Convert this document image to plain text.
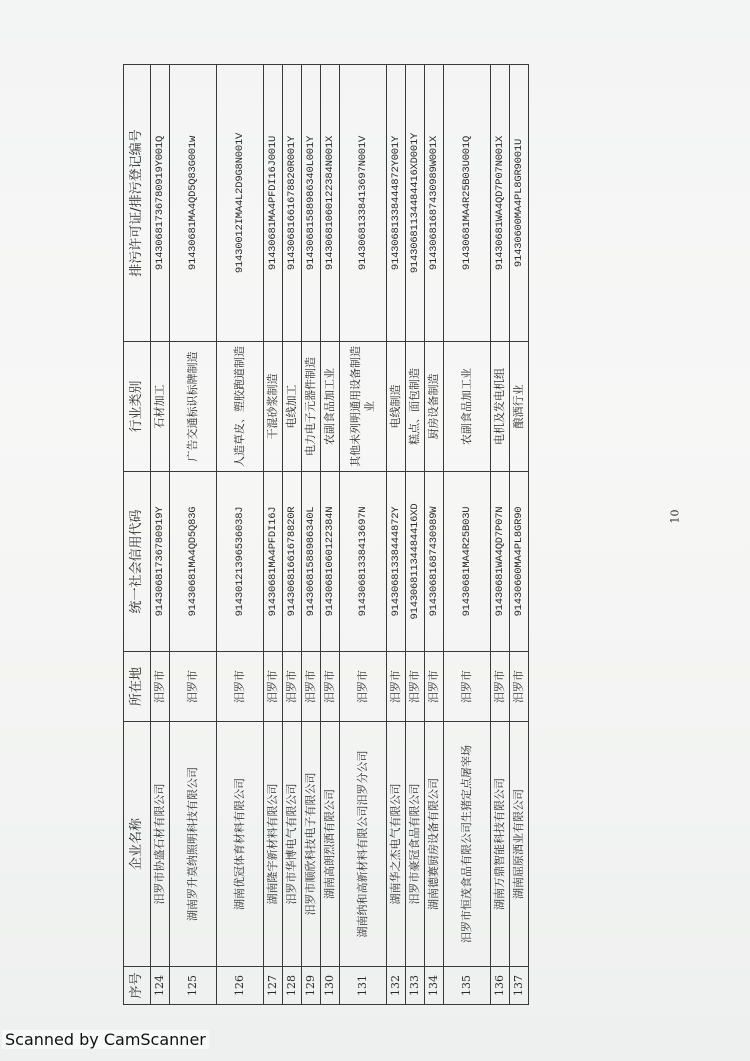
序号	企业名称	所在地	统一社会信用代码	行业类别	排污许可证/排污登记编号
124	汨罗市协盛石材有限公司	汨罗市	91430681736780919Y	石材加工	91430681736780919Y001Q
125	湖南罗升莫纳照明科技有限公司	汨罗市	91430681MA4QD5Q83G	广告交通标识标牌制造	91430681MA4QD5Q83G001w
126	湖南优冠体育材料有限公司	汨罗市	91430121396536038J	人造草皮、塑胶跑道制造	91430012IMA4L2D9G8N001V
127	湖南隆宇新材料有限公司	汨罗市	91430681MA4PFDI16J	干混砂浆制造	91430681MA4PFDI16J001U
128	汨罗市华博电气有限公司	汨罗市	91430681661678820R	电线加工	91430681661678820R001Y
129	汨罗市顺欣科技电子有限公司	汨罗市	91430681588986340L	电力电子元器件制造	91430681588986340L001Y
130	湖南高朗烈酒有限公司	汨罗市	91430681060122384N	农副食品加工业	91430681060122384N001X
131	湖南纳和高新材料有限公司汨罗分公司	汨罗市	91430681338413697N	其他未列明通用设备制造业	91430681338413697N001V
132	湖南华之杰电气有限公司	汨罗市	914306813384448​72Y	电线制造	91430681338444872Y001Y
133	汨罗市豪冠食品有限公司	汨罗市	91430681134484416XD	糕点、面包制造	91430681134484416XD001Y
134	湖南德赛厨房设备有限公司	汨罗市	91430681687430989W	厨房设备制造	91430681687430989W001X
135	汨罗市恒茂食品有限公司生猪定点屠宰场	汨罗市	91430681MA4R25B03U	农副食品加工业	91430681MA4R25B03U001Q
136	湖南万鼎智能科技有限公司	汨罗市	91430681WA4QD7P07N	电机及发电机组	91430681WA4QD7P07N001X
137	湖南屈原酒业有限公司	汨罗市	91430600MA4PL8GR90	酿酒行业	91430600MA4PL8GR9001U
10
Scanned by CamScanner
